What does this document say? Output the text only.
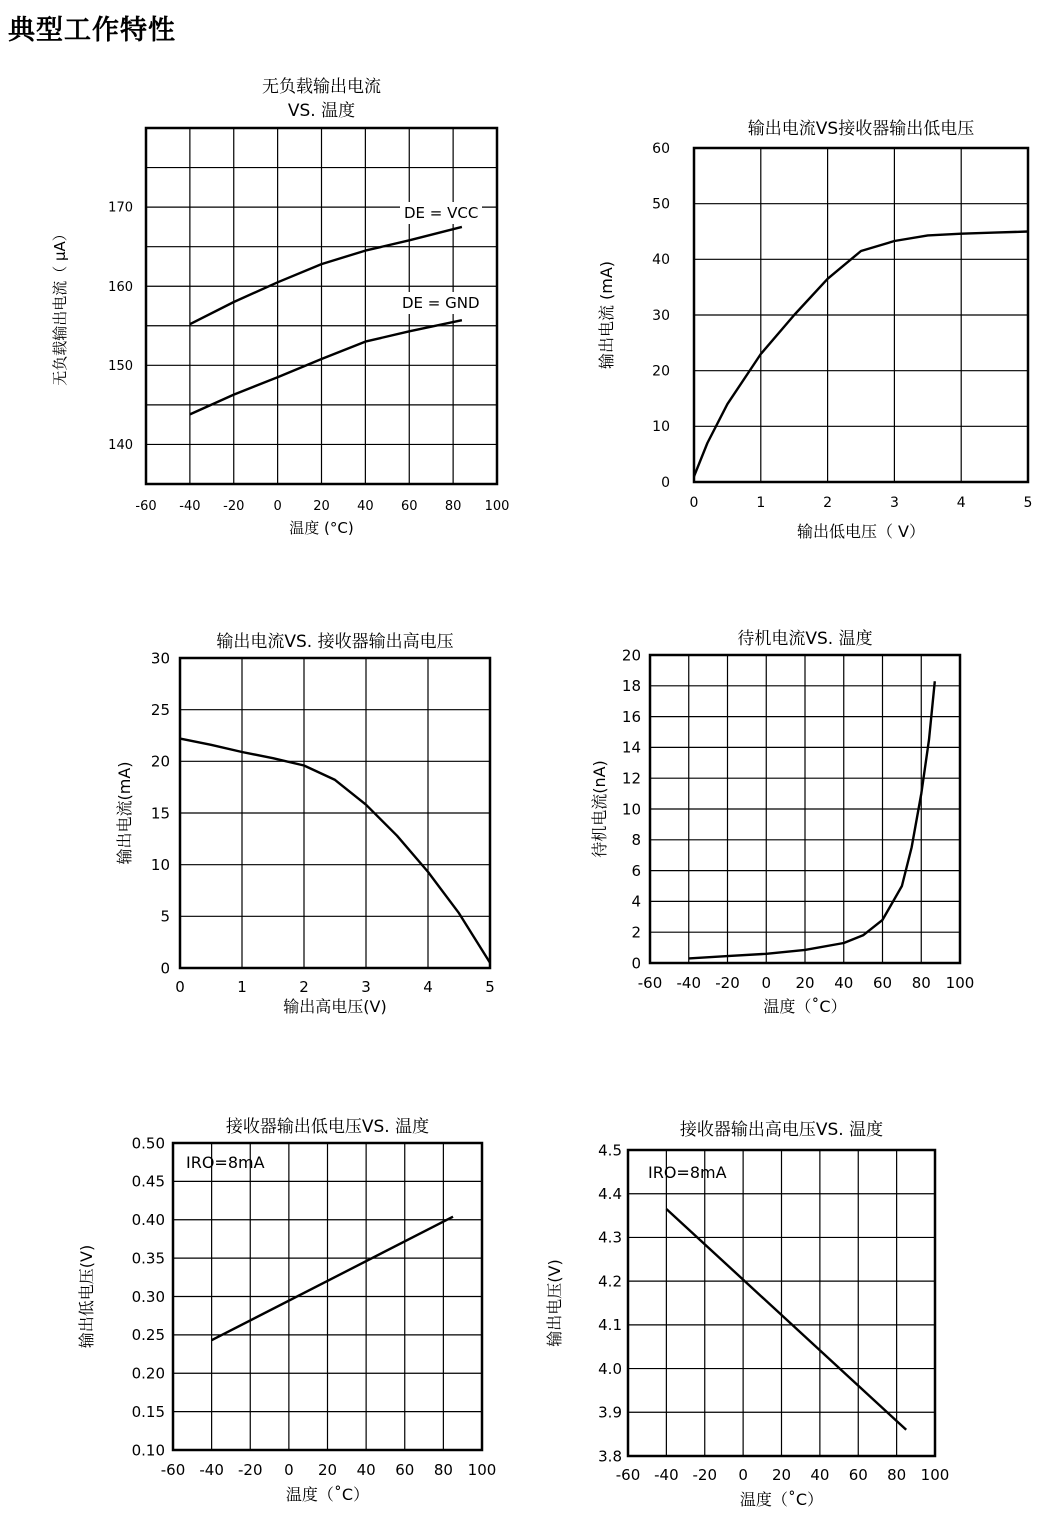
典型工作特性
无负载输出电流
VS. 温度
-60 -40 -20 0 20 40 60 80 100
140
150
160
170
温度 (°C)
无负载输出电流（ µA）
DE = VCC
DE = GND
输出电流VS接收器输出低电压
0	1	2	3	4	5
0
10
20
30
40
50
60
输出低电压（ V）
输出电流 (mA)
输出电流VS. 接收器输出高电压
0	1	2	3	4	5
0
5
10
15
20
25
30
输出高电压(V)
输出电流(mA)
待机电流VS. 温度
-60 -40 -20 0 20 40 60 80 100
0
2
4
6
8
10
12
14
16
18
20
温度（˚C）
待机电流(nA)
接收器输出低电压VS. 温度
-60 -40 -20 0 20 40 60 80 100
0.10
0.15
0.20
0.25
0.30
0.35
0.40
0.45
0.50
温度（˚C）
输出低电压(V)
IRO=8mA
接收器输出高电压VS. 温度
-60 -40 -20 0 20 40 60 80 100
3.8
3.9
4.0
4.1
4.2
4.3
4.4
4.5
温度（˚C）
输出电压(V)
IRO=8mA
